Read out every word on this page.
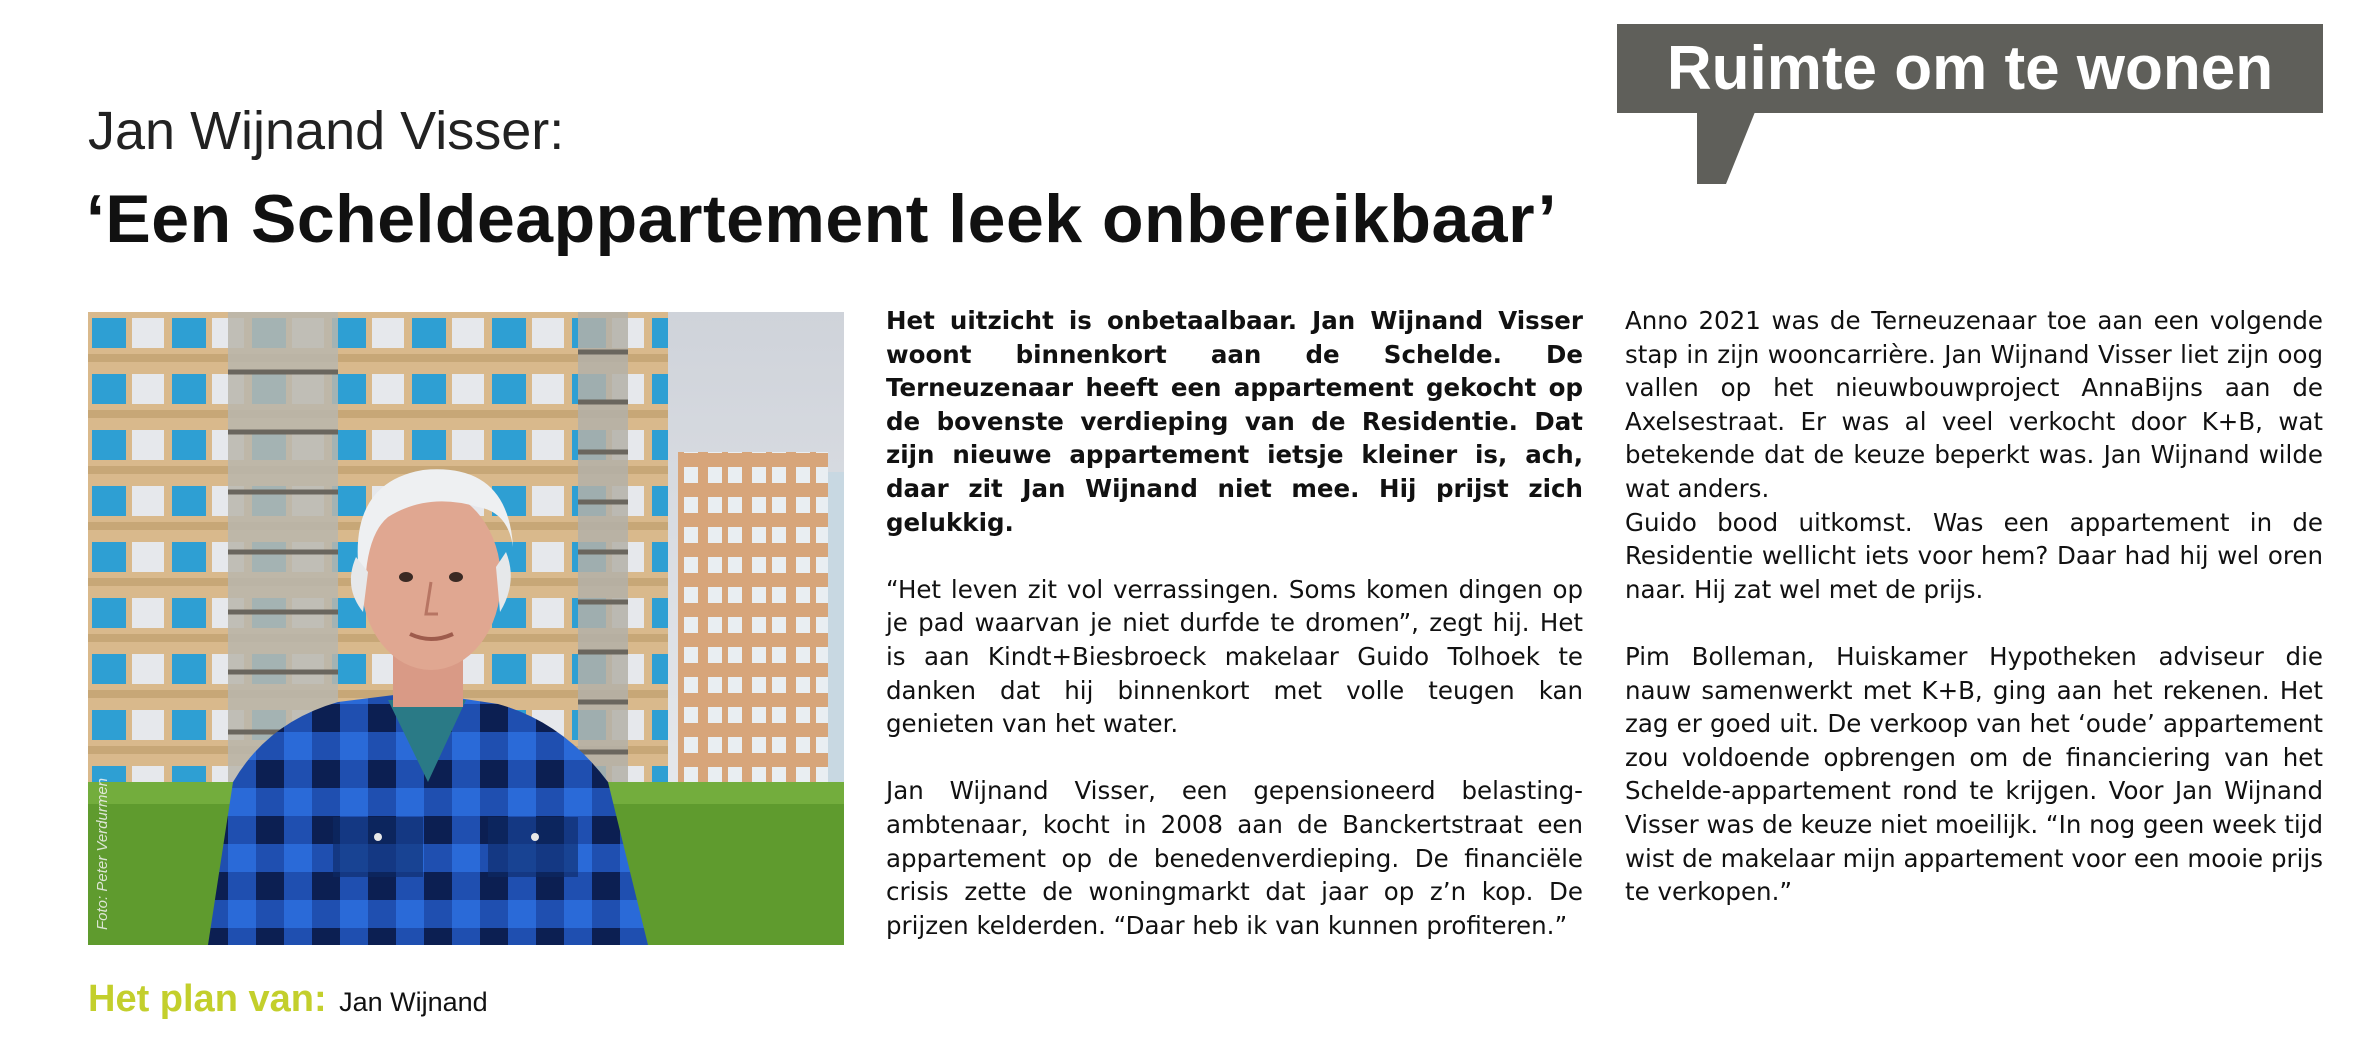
Ruimte om te wonen
Jan Wijnand Visser:
‘Een Scheldeappartement leek onbereikbaar’
Foto: Peter Verdurmen

Het uitzicht is onbetaalbaar. Jan Wijnand Visser woont binnenkort aan de Schelde. De Terneuzenaar heeft een appartement gekocht op de bovenste verdieping van de Residentie. Dat zijn nieuwe appartement ietsje kleiner is, ach, daar zit Jan Wijnand niet mee. Hij prijst zich gelukkig.

“Het leven zit vol verrassingen. Soms komen dingen op je pad waarvan je niet durfde te dromen”, zegt hij. Het is aan Kindt+Biesbroeck makelaar Guido Tolhoek te danken dat hij binnenkort met volle teugen kan genieten van het water.

Jan Wijnand Visser, een gepensioneerd belasting-ambtenaar, kocht in 2008 aan de Banckertstraat een appartement op de benedenverdieping. De financiële crisis zette de woningmarkt dat jaar op z’n kop. De prijzen kelderden. “Daar heb ik van kunnen profiteren.”

Anno 2021 was de Terneuzenaar toe aan een volgende stap in zijn wooncarrière. Jan Wijnand Visser liet zijn oog vallen op het nieuwbouwproject AnnaBijns aan de Axelsestraat. Er was al veel verkocht door K+B, wat betekende dat de keuze beperkt was. Jan Wijnand wilde wat anders.

Guido bood uitkomst. Was een appartement in de Residentie wellicht iets voor hem? Daar had hij wel oren naar. Hij zat wel met de prijs.

Pim Bolleman, Huiskamer Hypotheken adviseur die nauw samenwerkt met K+B, ging aan het rekenen. Het zag er goed uit. De verkoop van het ‘oude’ appartement zou voldoende opbrengen om de financiering van het Schelde-appartement rond te krijgen. Voor Jan Wijnand Visser was de keuze niet moeilijk. “In nog geen week tijd wist de makelaar mijn appartement voor een mooie prijs te verkopen.”

Het plan van: Jan Wijnand
